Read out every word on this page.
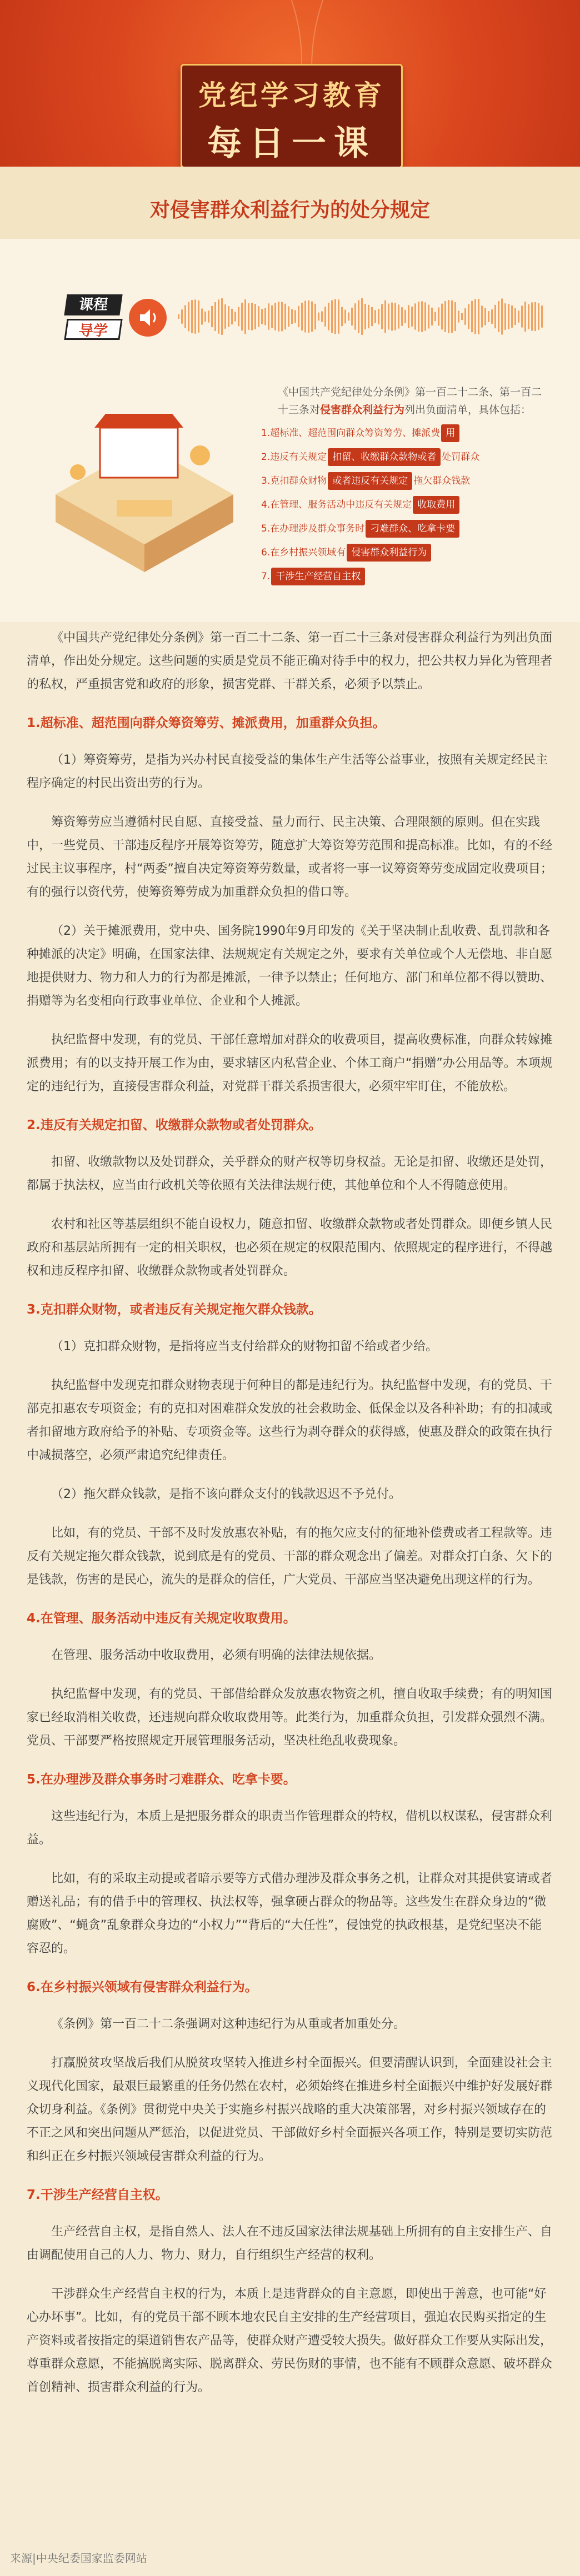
党纪学习教育
每日一课
对侵害群众利益行为的处分规定
课程
导学
《中国共产党纪律处分条例》第一百二十二条、第一百二十三条对侵害群众利益行为列出负面清单，具体包括：
1.超标准、超范围向群众筹资筹劳、摊派费 用
2.违反有关规定 扣留、收缴群众款物或者 处罚群众
3.克扣群众财物 或者违反有关规定 拖欠群众钱款
4.在管理、服务活动中违反有关规定 收取费用
5.在办理涉及群众事务时 刁难群众、吃拿卡要
6.在乡村振兴领域有 侵害群众利益行为
7. 干涉生产经营自主权

《中国共产党纪律处分条例》第一百二十二条、第一百二十三条对侵害群众利益行为列出负面清单，作出处分规定。这些问题的实质是党员不能正确对待手中的权力，把公共权力异化为管理者的私权，严重损害党和政府的形象，损害党群、干群关系，必须予以禁止。

1.超标准、超范围向群众筹资筹劳、摊派费用，加重群众负担。

（1）筹资筹劳，是指为兴办村民直接受益的集体生产生活等公益事业，按照有关规定经民主程序确定的村民出资出劳的行为。

筹资筹劳应当遵循村民自愿、直接受益、量力而行、民主决策、合理限额的原则。但在实践中，一些党员、干部违反程序开展筹资筹劳，随意扩大筹资筹劳范围和提高标准。比如，有的不经过民主议事程序，村“两委”擅自决定筹资筹劳数量，或者将一事一议筹资筹劳变成固定收费项目；有的强行以资代劳，使筹资筹劳成为加重群众负担的借口等。

（2）关于摊派费用，党中央、国务院1990年9月印发的《关于坚决制止乱收费、乱罚款和各种摊派的决定》明确，在国家法律、法规规定有关规定之外，要求有关单位或个人无偿地、非自愿地提供财力、物力和人力的行为都是摊派，一律予以禁止；任何地方、部门和单位都不得以赞助、捐赠等为名变相向行政事业单位、企业和个人摊派。

执纪监督中发现，有的党员、干部任意增加对群众的收费项目，提高收费标准，向群众转嫁摊派费用；有的以支持开展工作为由，要求辖区内私营企业、个体工商户“捐赠”办公用品等。本项规定的违纪行为，直接侵害群众利益，对党群干群关系损害很大，必须牢牢盯住，不能放松。

2.违反有关规定扣留、收缴群众款物或者处罚群众。

扣留、收缴款物以及处罚群众，关乎群众的财产权等切身权益。无论是扣留、收缴还是处罚，都属于执法权，应当由行政机关等依照有关法律法规行使，其他单位和个人不得随意使用。

农村和社区等基层组织不能自设权力，随意扣留、收缴群众款物或者处罚群众。即便乡镇人民政府和基层站所拥有一定的相关职权，也必须在规定的权限范围内、依照规定的程序进行，不得越权和违反程序扣留、收缴群众款物或者处罚群众。

3.克扣群众财物，或者违反有关规定拖欠群众钱款。

（1）克扣群众财物，是指将应当支付给群众的财物扣留不给或者少给。

执纪监督中发现克扣群众财物表现于何种目的都是违纪行为。执纪监督中发现，有的党员、干部克扣惠农专项资金；有的克扣对困难群众发放的社会救助金、低保金以及各种补助；有的扣减或者扣留地方政府给予的补贴、专项资金等。这些行为剥夺群众的获得感，使惠及群众的政策在执行中减损落空，必须严肃追究纪律责任。

（2）拖欠群众钱款，是指不该向群众支付的钱款迟迟不予兑付。

比如，有的党员、干部不及时发放惠农补贴，有的拖欠应支付的征地补偿费或者工程款等。违反有关规定拖欠群众钱款，说到底是有的党员、干部的群众观念出了偏差。对群众打白条、欠下的是钱款，伤害的是民心，流失的是群众的信任，广大党员、干部应当坚决避免出现这样的行为。

4.在管理、服务活动中违反有关规定收取费用。

在管理、服务活动中收取费用，必须有明确的法律法规依据。

执纪监督中发现，有的党员、干部借给群众发放惠农物资之机，擅自收取手续费；有的明知国家已经取消相关收费，还违规向群众收取费用等。此类行为，加重群众负担，引发群众强烈不满。党员、干部要严格按照规定开展管理服务活动，坚决杜绝乱收费现象。

5.在办理涉及群众事务时刁难群众、吃拿卡要。

这些违纪行为，本质上是把服务群众的职责当作管理群众的特权，借机以权谋私，侵害群众利益。

比如，有的采取主动提或者暗示要等方式借办理涉及群众事务之机，让群众对其提供宴请或者赠送礼品；有的借手中的管理权、执法权等，强拿硬占群众的物品等。这些发生在群众身边的“微腐败”、“蝇贪”乱象群众身边的“小权力”“背后的“大任性”，侵蚀党的执政根基，是党纪坚决不能容忍的。

6.在乡村振兴领域有侵害群众利益行为。

《条例》第一百二十二条强调对这种违纪行为从重或者加重处分。

打赢脱贫攻坚战后我们从脱贫攻坚转入推进乡村全面振兴。但要清醒认识到，全面建设社会主义现代化国家，最艰巨最繁重的任务仍然在农村，必须始终在推进乡村全面振兴中维护好发展好群众切身利益。《条例》贯彻党中央关于实施乡村振兴战略的重大决策部署，对乡村振兴领域存在的不正之风和突出问题从严惩治，以促进党员、干部做好乡村全面振兴各项工作，特别是要切实防范和纠正在乡村振兴领域侵害群众利益的行为。

7.干涉生产经营自主权。

生产经营自主权，是指自然人、法人在不违反国家法律法规基础上所拥有的自主安排生产、自由调配使用自己的人力、物力、财力，自行组织生产经营的权利。

干涉群众生产经营自主权的行为，本质上是违背群众的自主意愿，即使出于善意，也可能“好心办坏事”。比如，有的党员干部不顾本地农民自主安排的生产经营项目，强迫农民购买指定的生产资料或者按指定的渠道销售农产品等，使群众财产遭受较大损失。做好群众工作要从实际出发，尊重群众意愿，不能搞脱离实际、脱离群众、劳民伤财的事情，也不能有不顾群众意愿、破坏群众首创精神、损害群众利益的行为。

来源|中央纪委国家监委网站
